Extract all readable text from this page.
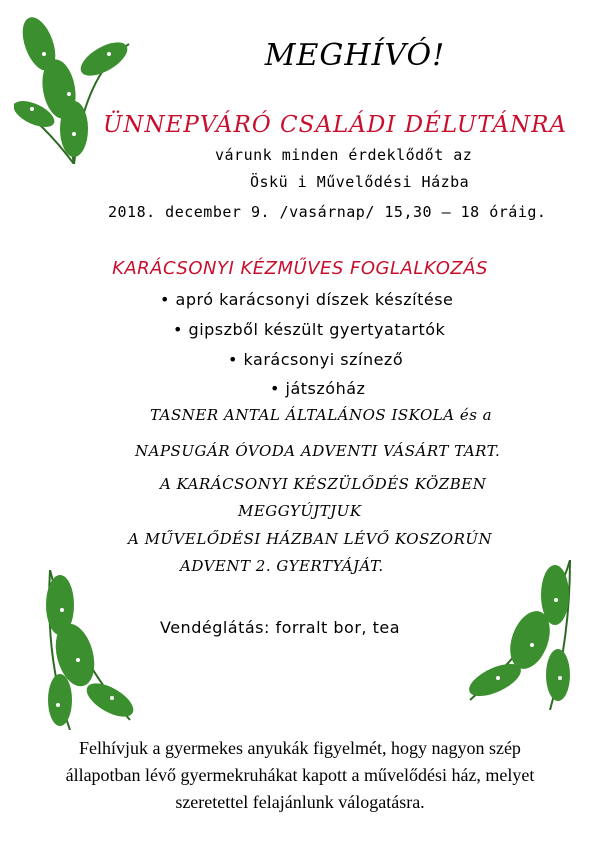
MEGHÍVÓ!
ÜNNEPVÁRÓ CSALÁDI DÉLUTÁNRA
várunk minden érdeklődőt az
Öskü i Művelődési Házba
2018. december 9. /vasárnap/ 15,30 – 18 óráig.
KARÁCSONYI KÉZMŰVES FOGLALKOZÁS
• apró karácsonyi díszek készítése
• gipszből készült gyertyatartók
• karácsonyi színező
• játszóház
TASNER ANTAL ÁLTALÁNOS ISKOLA és a
NAPSUGÁR ÓVODA ADVENTI VÁSÁRT TART.
A KARÁCSONYI KÉSZÜLŐDÉS KÖZBEN
MEGGYÚJTJUK
A MŰVELŐDÉSI HÁZBAN LÉVŐ KOSZORÚN
ADVENT 2. GYERTYÁJÁT.
Vendéglátás: forralt bor, tea
Felhívjuk a gyermekes anyukák figyelmét, hogy nagyon szép
állapotban lévő gyermekruhákat kapott a művelődési ház, melyet
szeretettel felajánlunk válogatásra.
